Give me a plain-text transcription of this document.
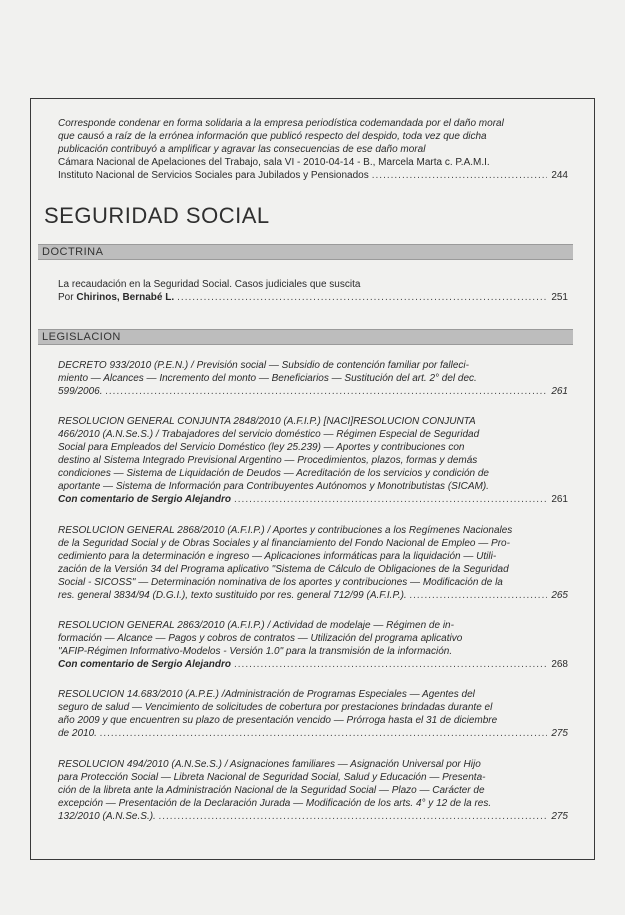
Corresponde condenar en forma solidaria a la empresa periodística codemandada por el daño moral
que causó a raíz de la errónea información que publicó respecto del despido, toda vez que dicha
publicación contribuyó a amplificar y agravar las consecuencias de ese daño moral
Cámara Nacional de Apelaciones del Trabajo, sala VI - 2010-04-14 - B., Marcela Marta c. P.A.M.I.
Instituto Nacional de Servicios Sociales para Jubilados y Pensionados .....	244
SEGURIDAD SOCIAL
DOCTRINA
La recaudación en la Seguridad Social. Casos judiciales que suscita
Por
Chirinos, Bernabé L. .....	251
LEGISLACION
DECRETO 933/2010 (P.E.N.) / Previsión social — Subsidio de contención familiar por falleci-
miento — Alcances — Incremento del monto — Beneficiarios — Sustitución del art. 2° del dec.
599/2006. .....	261
RESOLUCION GENERAL CONJUNTA 2848/2010 (A.F.I.P.) [NACI]RESOLUCION CONJUNTA
466/2010 (A.N.Se.S.) / Trabajadores del servicio doméstico — Régimen Especial de Seguridad
Social para Empleados del Servicio Doméstico (ley 25.239) — Aportes y contribuciones con
destino al Sistema Integrado Previsional Argentino — Procedimientos, plazos, formas y demás
condiciones — Sistema de Liquidación de Deudos — Acreditación de los servicios y condición de
aportante — Sistema de Información para Contribuyentes Autónomos y Monotributistas (SICAM).
Con comentario de Sergio Alejandro .....	261
RESOLUCION GENERAL 2868/2010 (A.F.I.P.) / Aportes y contribuciones a los Regímenes Nacionales
de la Seguridad Social y de Obras Sociales y al financiamiento del Fondo Nacional de Empleo — Pro-
cedimiento para la determinación e ingreso — Aplicaciones informáticas para la liquidación — Utili-
zación de la Versión 34 del Programa aplicativo "Sistema de Cálculo de Obligaciones de la Seguridad
Social - SICOSS" — Determinación nominativa de los aportes y contribuciones — Modificación de la
res. general 3834/94 (D.G.I.), texto sustituido por res. general 712/99 (A.F.I.P.). .....	265
RESOLUCION GENERAL 2863/2010 (A.F.I.P.) / Actividad de modelaje — Régimen de in-
formación — Alcance — Pagos y cobros de contratos — Utilización del programa aplicativo
"AFIP-Régimen Informativo-Modelos - Versión 1.0" para la transmisión de la información.
Con comentario de Sergio Alejandro .....	268
RESOLUCION 14.683/2010 (A.P.E.) /Administración de Programas Especiales — Agentes del
seguro de salud — Vencimiento de solicitudes de cobertura por prestaciones brindadas durante el
año 2009 y que encuentren su plazo de presentación vencido — Prórroga hasta el 31 de diciembre
de 2010. .....	275
RESOLUCION 494/2010 (A.N.Se.S.) / Asignaciones familiares — Asignación Universal por Hijo
para Protección Social — Libreta Nacional de Seguridad Social, Salud y Educación — Presenta-
ción de la libreta ante la Administración Nacional de la Seguridad Social — Plazo — Carácter de
excepción — Presentación de la Declaración Jurada — Modificación de los arts. 4° y 12 de la res.
132/2010 (A.N.Se.S.). .....	275
